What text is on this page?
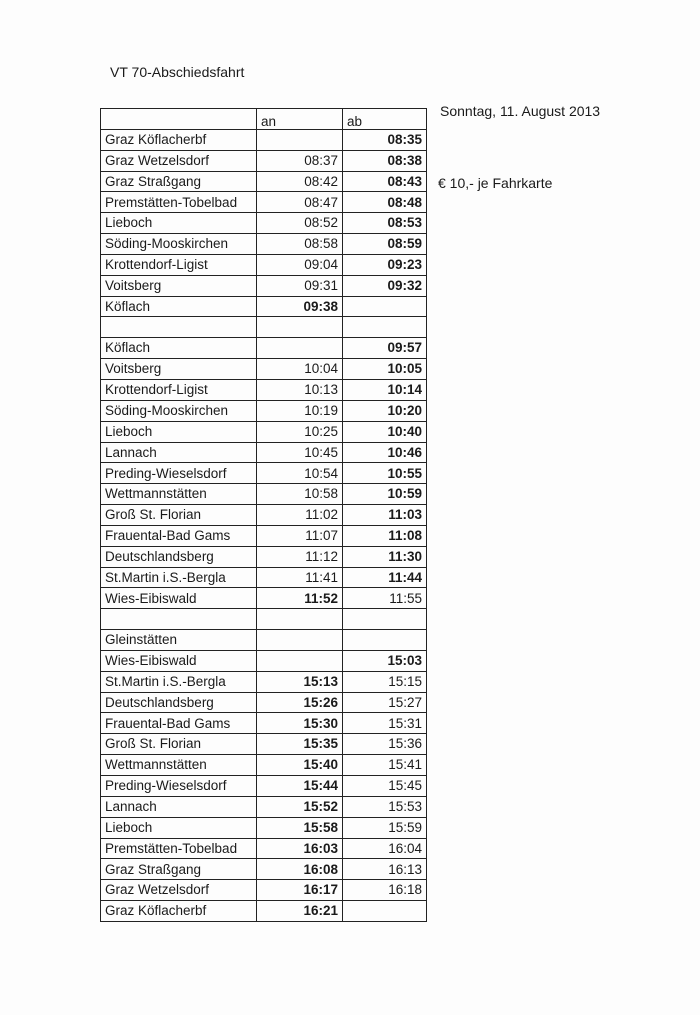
VT 70-Abschiedsfahrt
Sonntag, 11. August 2013
€ 10,- je Fahrkarte
	an	ab
Graz Köflacherbf		08:35
Graz Wetzelsdorf	08:37	08:38
Graz Straßgang	08:42	08:43
Premstätten-Tobelbad	08:47	08:48
Lieboch	08:52	08:53
Söding-Mooskirchen	08:58	08:59
Krottendorf-Ligist	09:04	09:23
Voitsberg	09:31	09:32
Köflach	09:38	

Köflach		09:57
Voitsberg	10:04	10:05
Krottendorf-Ligist	10:13	10:14
Söding-Mooskirchen	10:19	10:20
Lieboch	10:25	10:40
Lannach	10:45	10:46
Preding-Wieselsdorf	10:54	10:55
Wettmannstätten	10:58	10:59
Groß St. Florian	11:02	11:03
Frauental-Bad Gams	11:07	11:08
Deutschlandsberg	11:12	11:30
St.Martin i.S.-Bergla	11:41	11:44
Wies-Eibiswald	11:52	11:55

Gleinstätten		
Wies-Eibiswald		15:03
St.Martin i.S.-Bergla	15:13	15:15
Deutschlandsberg	15:26	15:27
Frauental-Bad Gams	15:30	15:31
Groß St. Florian	15:35	15:36
Wettmannstätten	15:40	15:41
Preding-Wieselsdorf	15:44	15:45
Lannach	15:52	15:53
Lieboch	15:58	15:59
Premstätten-Tobelbad	16:03	16:04
Graz Straßgang	16:08	16:13
Graz Wetzelsdorf	16:17	16:18
Graz Köflacherbf	16:21	
